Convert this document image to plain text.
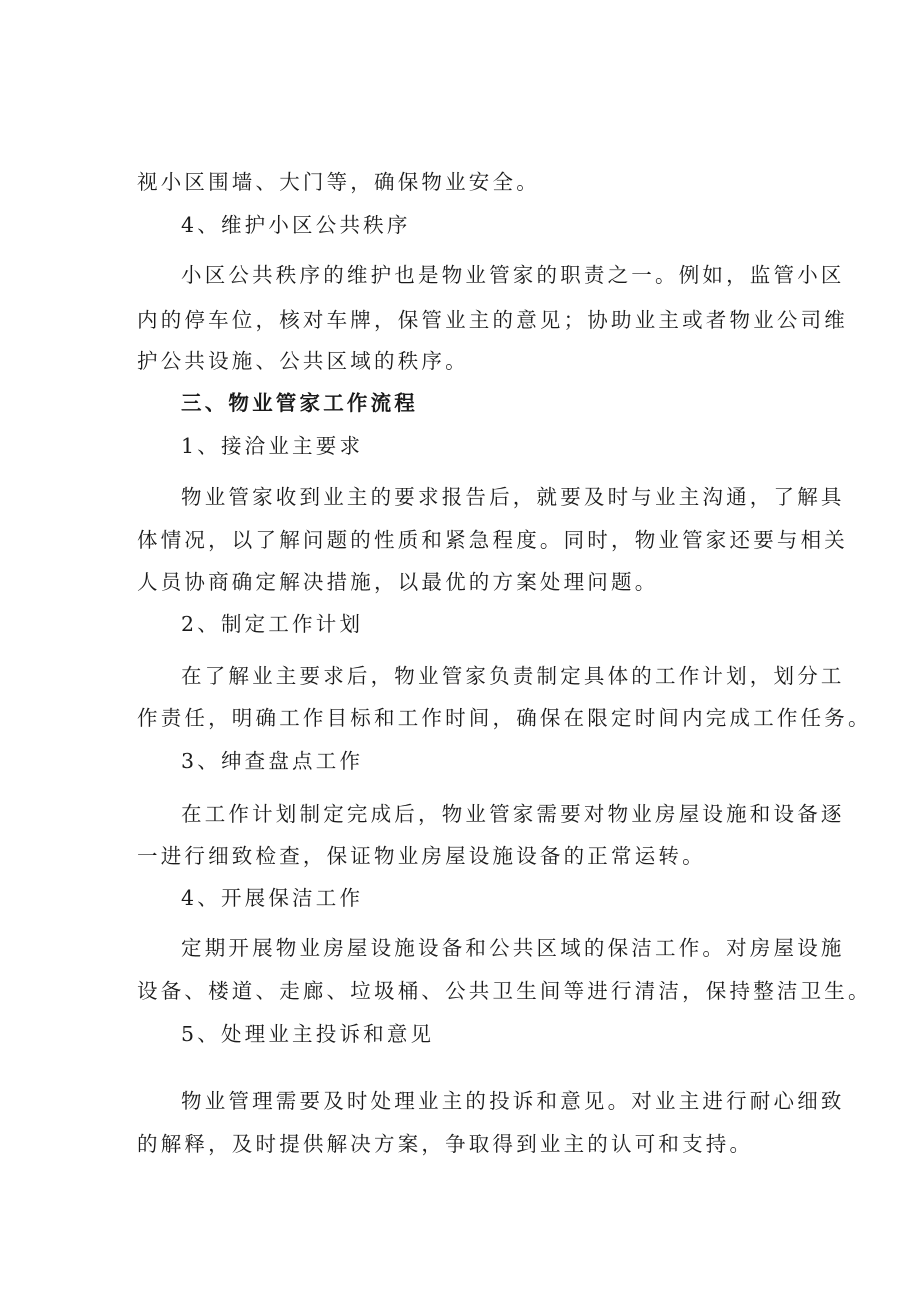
视小区围墙、大门等，确保物业安全。
4、维护小区公共秩序
小区公共秩序的维护也是物业管家的职责之一。例如，监管小区
内的停车位，核对车牌，保管业主的意见；协助业主或者物业公司维
护公共设施、公共区域的秩序。
三、物业管家工作流程
1、接洽业主要求
物业管家收到业主的要求报告后，就要及时与业主沟通，了解具
体情况，以了解问题的性质和紧急程度。同时，物业管家还要与相关
人员协商确定解决措施，以最优的方案处理问题。
2、制定工作计划
在了解业主要求后，物业管家负责制定具体的工作计划，划分工
作责任，明确工作目标和工作时间，确保在限定时间内完成工作任务。
3、绅查盘点工作
在工作计划制定完成后，物业管家需要对物业房屋设施和设备逐
一进行细致检查，保证物业房屋设施设备的正常运转。
4、开展保洁工作
定期开展物业房屋设施设备和公共区域的保洁工作。对房屋设施
设备、楼道、走廊、垃圾桶、公共卫生间等进行清洁，保持整洁卫生。
5、处理业主投诉和意见
物业管理需要及时处理业主的投诉和意见。对业主进行耐心细致
的解释，及时提供解决方案，争取得到业主的认可和支持。
